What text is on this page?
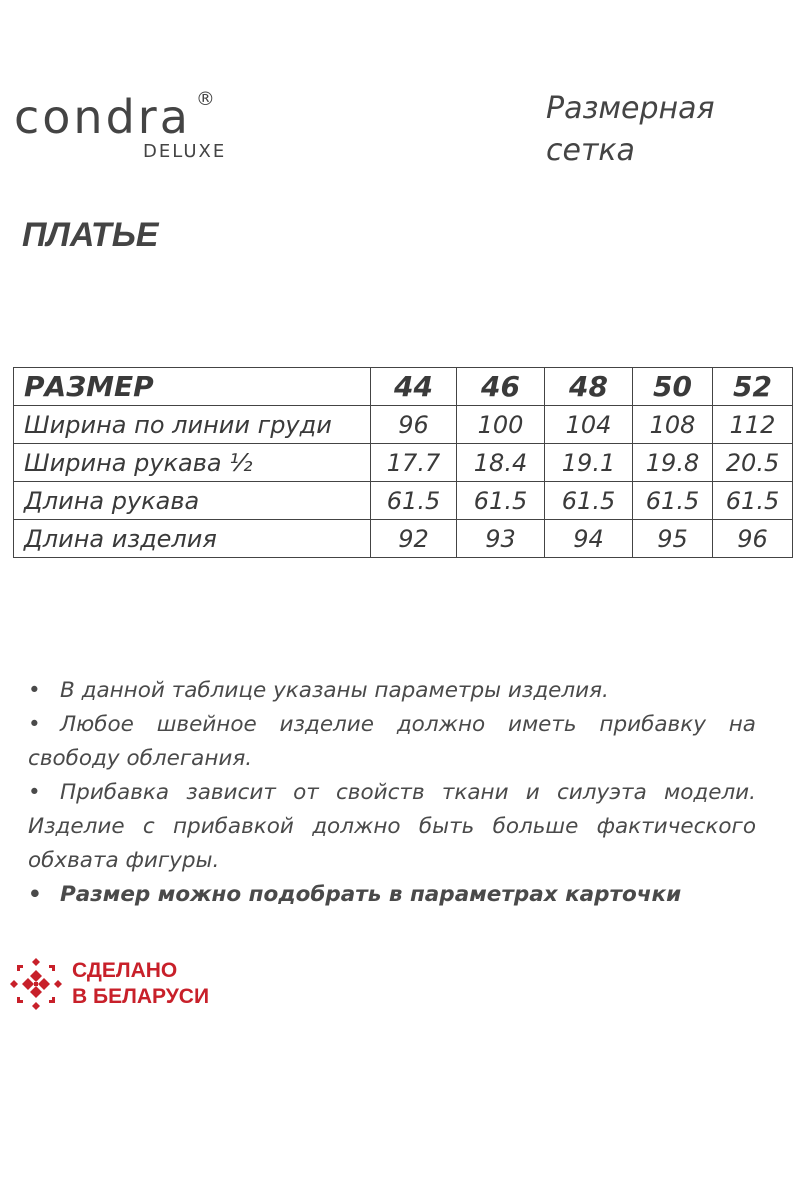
condra ®
DELUXE
Размерная
сетка
ПЛАТЬЕ
РАЗМЕР	44	46	48	50	52
Ширина по линии груди	96	100	104	108	112
Ширина рукава ½	17.7	18.4	19.1	19.8	20.5
Длина рукава	61.5	61.5	61.5	61.5	61.5
Длина изделия	92	93	94	95	96

• В данной таблице указаны параметры изделия.

• Любое швейное изделие должно иметь прибавку на свободу облегания.

• Прибавка зависит от свойств ткани и силуэта модели. Изделие с прибавкой должно быть больше фактического обхвата фигуры.

• Размер можно подобрать в параметрах карточки

СДЕЛАНО
В БЕЛАРУСИ
